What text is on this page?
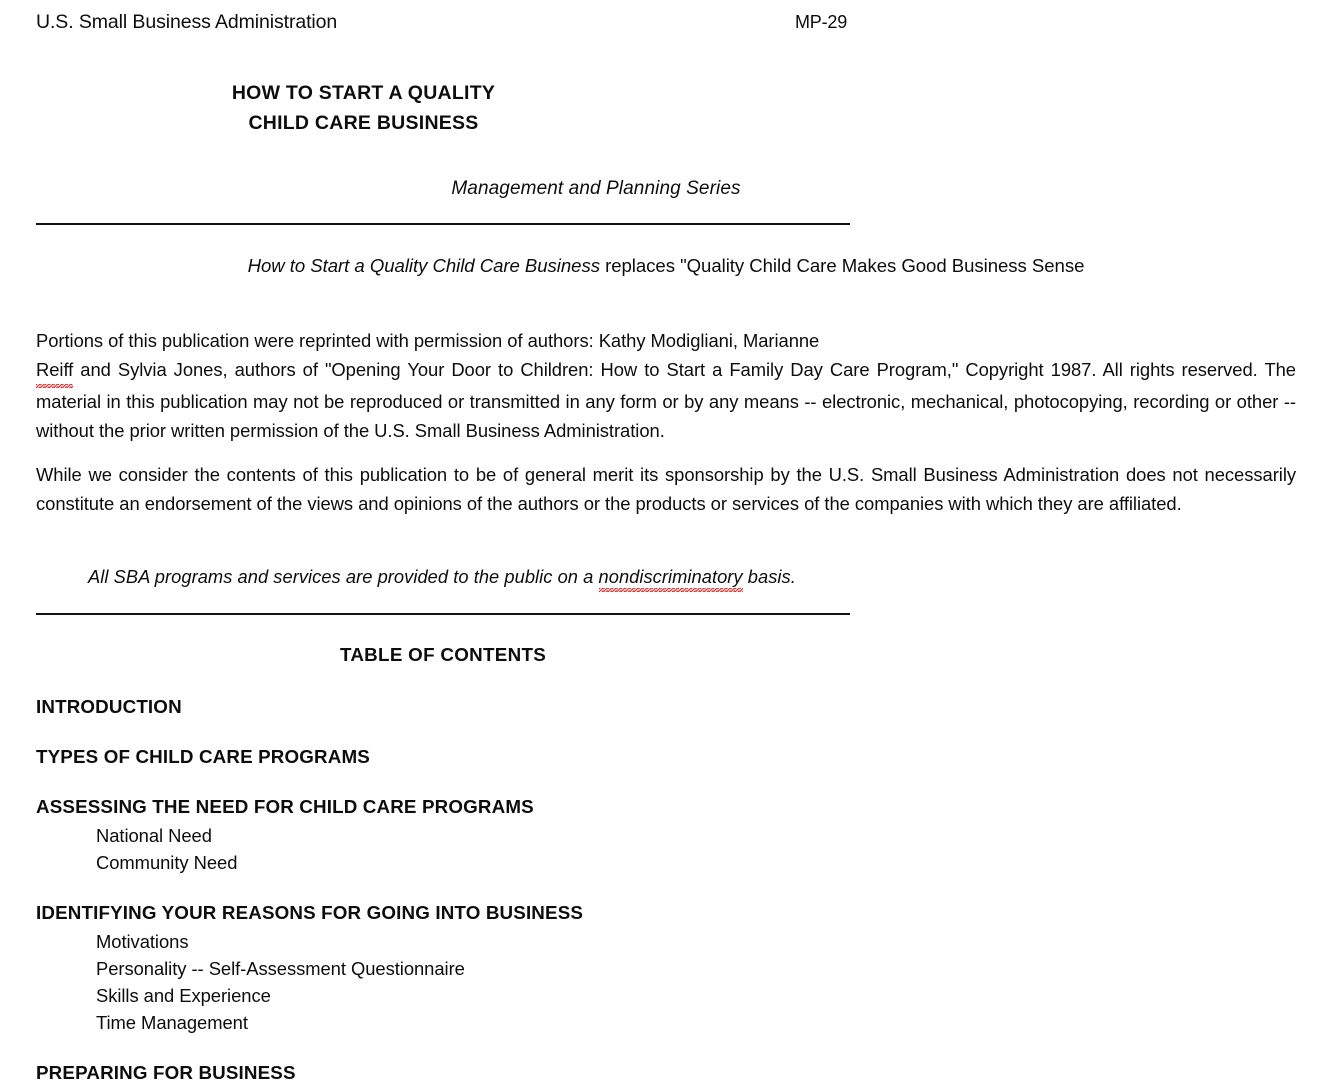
U.S. Small Business Administration	MP-29
HOW TO START A QUALITY
CHILD CARE BUSINESS
Management and Planning Series
How to Start a Quality Child Care Business replaces "Quality Child Care Makes Good Business Sense
Portions of this publication were reprinted with permission of authors: Kathy Modigliani, Marianne
Reiff and Sylvia Jones, authors of "Opening Your Door to Children: How to Start a Family Day Care Program," Copyright 1987. All rights reserved. The material in this publication may not be reproduced or transmitted in any form or by any means -- electronic, mechanical, photocopying, recording or other -- without the prior written permission of the U.S. Small Business Administration.
While we consider the contents of this publication to be of general merit its sponsorship by the U.S. Small Business Administration does not necessarily constitute an endorsement of the views and opinions of the authors or the products or services of the companies with which they are affiliated.
All SBA programs and services are provided to the public on a nondiscriminatory basis.
TABLE OF CONTENTS
INTRODUCTION
TYPES OF CHILD CARE PROGRAMS
ASSESSING THE NEED FOR CHILD CARE PROGRAMS
National Need
Community Need
IDENTIFYING YOUR REASONS FOR GOING INTO BUSINESS
Motivations
Personality -- Self-Assessment Questionnaire
Skills and Experience
Time Management
PREPARING FOR BUSINESS
